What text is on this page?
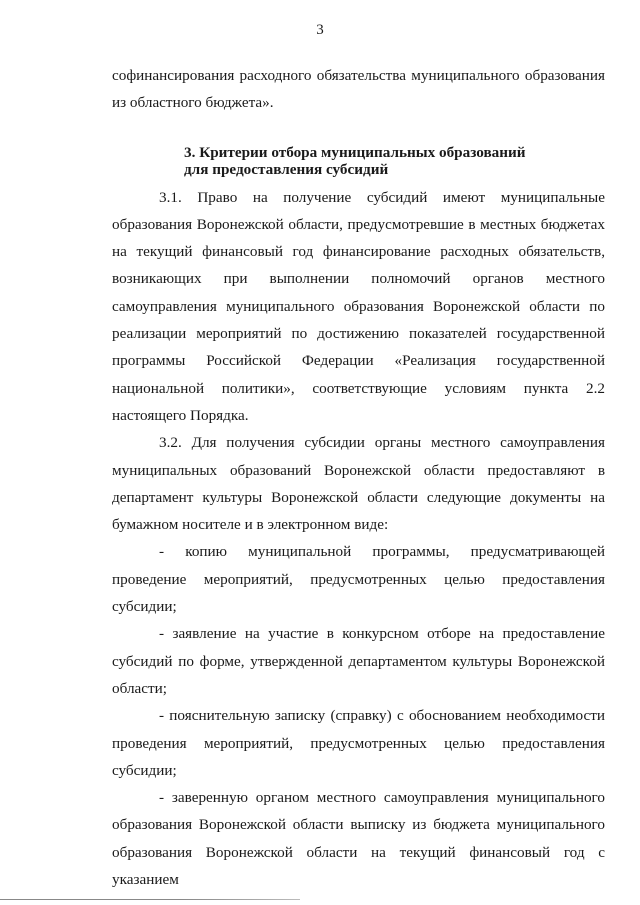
3

софинансирования расходного обязательства муниципального образования
из областного бюджета».

3. Критерии отбора муниципальных образований
для предоставления субсидий

3.1. Право на получение субсидий имеют муниципальные образования Воронежской области, предусмотревшие в местных бюджетах на текущий финансовый год финансирование расходных обязательств, возникающих при выполнении полномочий органов местного самоуправления муниципального образования Воронежской области по реализации мероприятий по достижению показателей государственной программы Российской Федерации «Реализация государственной национальной политики», соответствующие условиям пункта 2.2 настоящего Порядка.

3.2. Для получения субсидии органы местного самоуправления муниципальных образований Воронежской области предоставляют в департамент культуры Воронежской области следующие документы на бумажном носителе и в электронном виде:

- копию муниципальной программы, предусматривающей проведение мероприятий, предусмотренных целью предоставления субсидии;

- заявление на участие в конкурсном отборе на предоставление субсидий по форме, утвержденной департаментом культуры Воронежской области;

- пояснительную записку (справку) с обоснованием необходимости проведения мероприятий, предусмотренных целью предоставления субсидии;

- заверенную органом местного самоуправления муниципального образования Воронежской области выписку из бюджета муниципального образования Воронежской области на текущий финансовый год с указанием
